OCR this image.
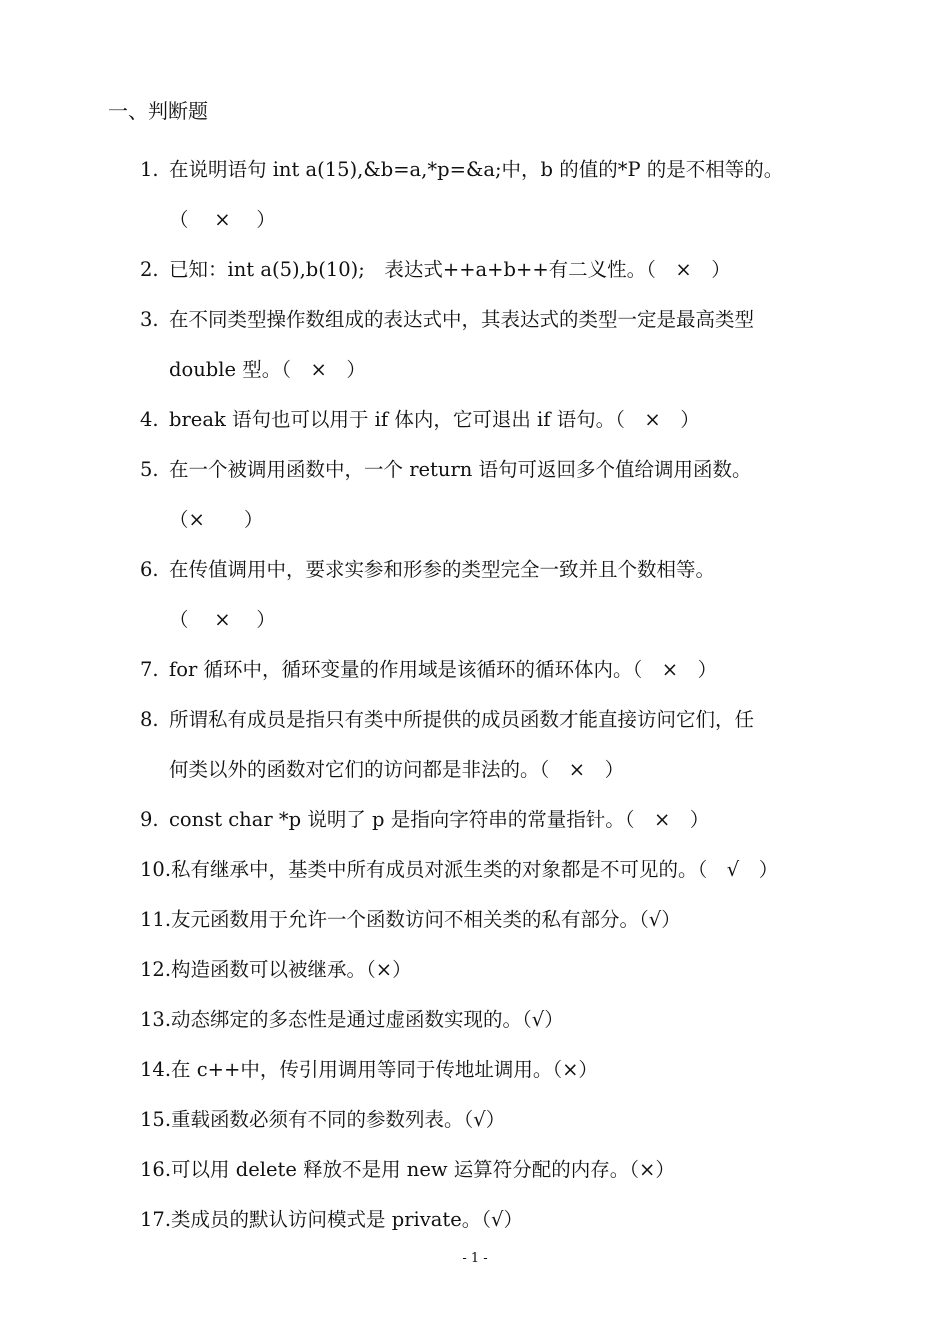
一、判断题
1. 在说明语句 int a(15),&b=a,*p=&a;中，b 的值的*P 的是不相等的。
（　 ×　 ）
2. 已知：int a(5),b(10);　表达式++a+b++有二义性。（　×　）
3. 在不同类型操作数组成的表达式中，其表达式的类型一定是最高类型
double 型。（　×　）
4. break 语句也可以用于 if 体内，它可退出 if 语句。（　×　）
5. 在一个被调用函数中，一个 return 语句可返回多个值给调用函数。
（×　　）
6. 在传值调用中，要求实参和形参的类型完全一致并且个数相等。
（　 ×　 ）
7. for 循环中，循环变量的作用域是该循环的循环体内。（　×　）
8. 所谓私有成员是指只有类中所提供的成员函数才能直接访问它们，任
何类以外的函数对它们的访问都是非法的。（　×　）
9. const char *p 说明了 p 是指向字符串的常量指针。（　×　）
10. 私有继承中，基类中所有成员对派生类的对象都是不可见的。（　√　）
11. 友元函数用于允许一个函数访问不相关类的私有部分。（√）
12. 构造函数可以被继承。（×）
13. 动态绑定的多态性是通过虚函数实现的。（√）
14. 在 c++中，传引用调用等同于传地址调用。（×）
15. 重载函数必须有不同的参数列表。（√）
16. 可以用 delete 释放不是用 new 运算符分配的内存。（×）
17. 类成员的默认访问模式是 private。（√）
- 1 -
